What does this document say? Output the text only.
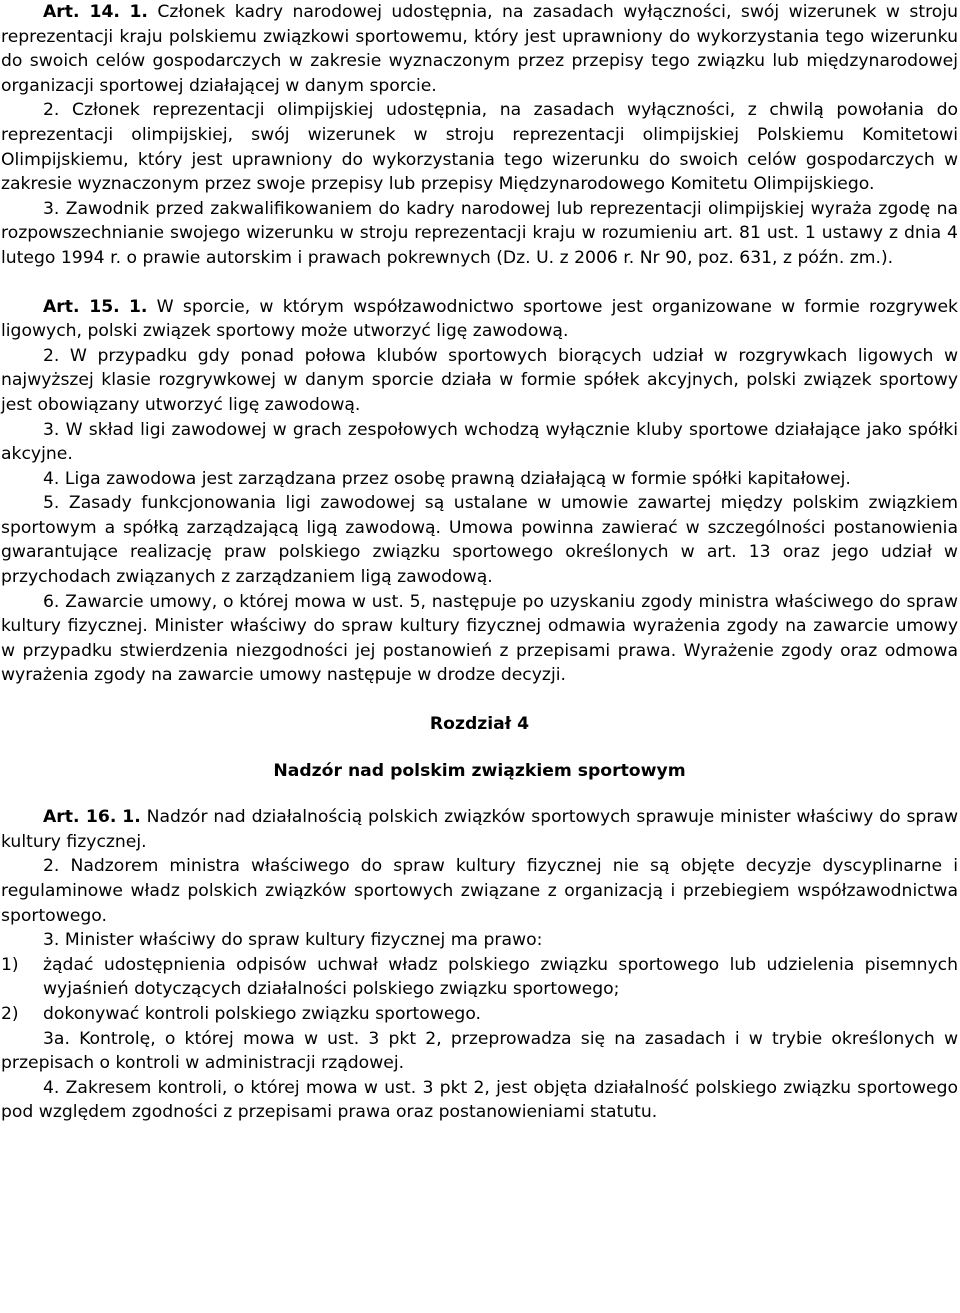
Art. 14. 1. Członek kadry narodowej udostępnia, na zasadach wyłączności, swój wizerunek w stroju reprezentacji kraju polskiemu związkowi sportowemu, który jest uprawniony do wykorzystania tego wizerunku do swoich celów gospodarczych w zakresie wyznaczonym przez przepisy tego związku lub międzynarodowej organizacji sportowej działającej w danym sporcie.

2. Członek reprezentacji olimpijskiej udostępnia, na zasadach wyłączności, z chwilą powołania do reprezentacji olimpijskiej, swój wizerunek w stroju reprezentacji olimpijskiej Polskiemu Komitetowi Olimpijskiemu, który jest uprawniony do wykorzystania tego wizerunku do swoich celów gospodarczych w zakresie wyznaczonym przez swoje przepisy lub przepisy Międzynarodowego Komitetu Olimpijskiego.

3. Zawodnik przed zakwalifikowaniem do kadry narodowej lub reprezentacji olimpijskiej wyraża zgodę na rozpowszechnianie swojego wizerunku w stroju reprezentacji kraju w rozumieniu art. 81 ust. 1 ustawy z dnia 4 lutego 1994 r. o prawie autorskim i prawach pokrewnych (Dz. U. z 2006 r. Nr 90, poz. 631, z późn. zm.).

Art. 15. 1. W sporcie, w którym współzawodnictwo sportowe jest organizowane w formie rozgrywek ligowych, polski związek sportowy może utworzyć ligę zawodową.

2. W przypadku gdy ponad połowa klubów sportowych biorących udział w rozgrywkach ligowych w najwyższej klasie rozgrywkowej w danym sporcie działa w formie spółek akcyjnych, polski związek sportowy jest obowiązany utworzyć ligę zawodową.

3. W skład ligi zawodowej w grach zespołowych wchodzą wyłącznie kluby sportowe działające jako spółki akcyjne.

4. Liga zawodowa jest zarządzana przez osobę prawną działającą w formie spółki kapitałowej.

5. Zasady funkcjonowania ligi zawodowej są ustalane w umowie zawartej między polskim związkiem sportowym a spółką zarządzającą ligą zawodową. Umowa powinna zawierać w szczególności postanowienia gwarantujące realizację praw polskiego związku sportowego określonych w art. 13 oraz jego udział w przychodach związanych z zarządzaniem ligą zawodową.

6. Zawarcie umowy, o której mowa w ust. 5, następuje po uzyskaniu zgody ministra właściwego do spraw kultury fizycznej. Minister właściwy do spraw kultury fizycznej odmawia wyrażenia zgody na zawarcie umowy w przypadku stwierdzenia niezgodności jej postanowień z przepisami prawa. Wyrażenie zgody oraz odmowa wyrażenia zgody na zawarcie umowy następuje w drodze decyzji.

Rozdział 4

Nadzór nad polskim związkiem sportowym

Art. 16. 1. Nadzór nad działalnością polskich związków sportowych sprawuje minister właściwy do spraw kultury fizycznej.

2. Nadzorem ministra właściwego do spraw kultury fizycznej nie są objęte decyzje dyscyplinarne i regulaminowe władz polskich związków sportowych związane z organizacją i przebiegiem współzawodnictwa sportowego.

3. Minister właściwy do spraw kultury fizycznej ma prawo:

1)	żądać udostępnienia odpisów uchwał władz polskiego związku sportowego lub udzielenia pisemnych wyjaśnień dotyczących działalności polskiego związku sportowego;
2)	dokonywać kontroli polskiego związku sportowego.

3a. Kontrolę, o której mowa w ust. 3 pkt 2, przeprowadza się na zasadach i w trybie określonych w przepisach o kontroli w administracji rządowej.

4. Zakresem kontroli, o której mowa w ust. 3 pkt 2, jest objęta działalność polskiego związku sportowego pod względem zgodności z przepisami prawa oraz postanowieniami statutu.
